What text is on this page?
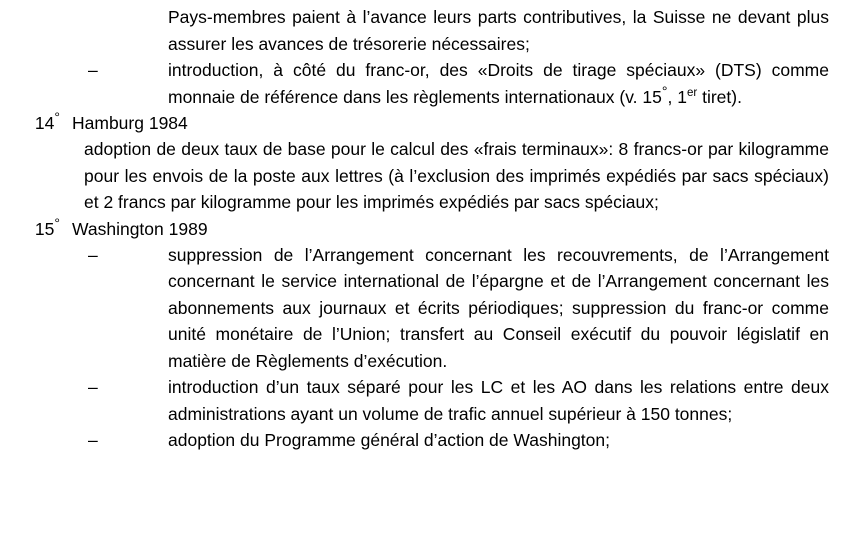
Pays-membres paient à l’avance leurs parts contributives, la Suisse ne devant plus assurer les avances de trésorerie nécessaires;
–	introduction, à côté du franc-or, des «Droits de tirage spéciaux» (DTS) comme monnaie de référence dans les règlements internationaux (v. 15°, 1er tiret).
14° Hamburg 1984
adoption de deux taux de base pour le calcul des «frais terminaux»: 8 francs-or par kilogramme pour les envois de la poste aux lettres (à l’exclusion des imprimés expédiés par sacs spéciaux) et 2 francs par kilogramme pour les imprimés expédiés par sacs spéciaux;
15° Washington 1989
–	suppression de l’Arrangement concernant les recouvrements, de l’Arrangement concernant le service international de l’épargne et de l’Arrangement concernant les abonnements aux journaux et écrits périodiques; suppression du franc-or comme unité monétaire de l’Union; transfert au Conseil exécutif du pouvoir législatif en matière de Règlements d’exécution.
–	introduction d’un taux séparé pour les LC et les AO dans les relations entre deux administrations ayant un volume de trafic annuel supérieur à 150 tonnes;
–	adoption du Programme général d’action de Washington;
